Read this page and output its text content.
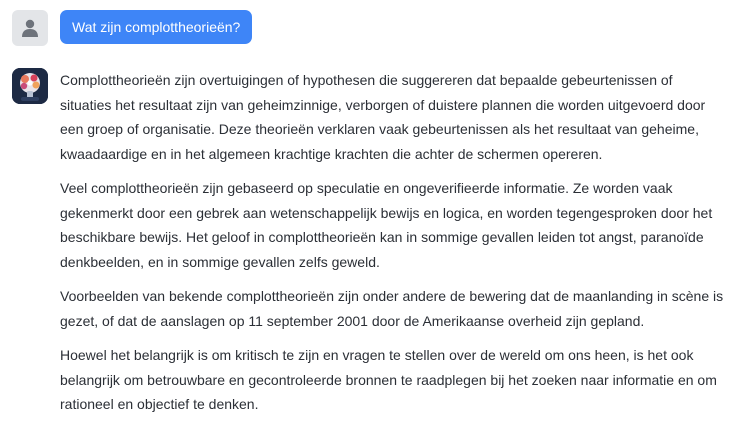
Wat zijn complottheorieën?

Complottheorieën zijn overtuigingen of hypothesen die suggereren dat bepaalde gebeurtenissen of situaties het resultaat zijn van geheimzinnige, verborgen of duistere plannen die worden uitgevoerd door een groep of organisatie. Deze theorieën verklaren vaak gebeurtenissen als het resultaat van geheime, kwaadaardige en in het algemeen krachtige krachten die achter de schermen opereren.

Veel complottheorieën zijn gebaseerd op speculatie en ongeverifieerde informatie. Ze worden vaak gekenmerkt door een gebrek aan wetenschappelijk bewijs en logica, en worden tegengesproken door het beschikbare bewijs. Het geloof in complottheorieën kan in sommige gevallen leiden tot angst, paranoïde denkbeelden, en in sommige gevallen zelfs geweld.

Voorbeelden van bekende complottheorieën zijn onder andere de bewering dat de maanlanding in scène is gezet, of dat de aanslagen op 11 september 2001 door de Amerikaanse overheid zijn gepland.

Hoewel het belangrijk is om kritisch te zijn en vragen te stellen over de wereld om ons heen, is het ook belangrijk om betrouwbare en gecontroleerde bronnen te raadplegen bij het zoeken naar informatie en om rationeel en objectief te denken.
